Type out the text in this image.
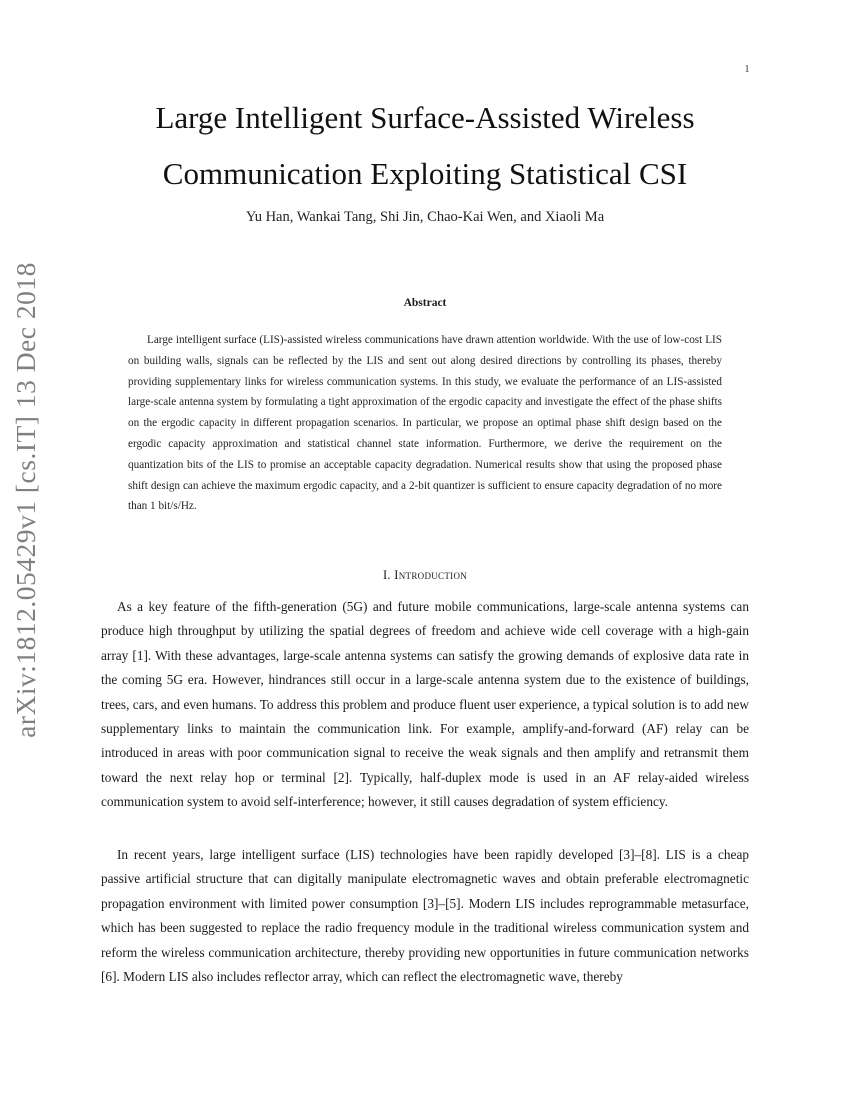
1
arXiv:1812.05429v1 [cs.IT] 13 Dec 2018
Large Intelligent Surface-Assisted Wireless Communication Exploiting Statistical CSI
Yu Han, Wankai Tang, Shi Jin, Chao-Kai Wen, and Xiaoli Ma
Abstract

Large intelligent surface (LIS)-assisted wireless communications have drawn attention worldwide. With the use of low-cost LIS on building walls, signals can be reflected by the LIS and sent out along desired directions by controlling its phases, thereby providing supplementary links for wireless communication systems. In this study, we evaluate the performance of an LIS-assisted large-scale antenna system by formulating a tight approximation of the ergodic capacity and investigate the effect of the phase shifts on the ergodic capacity in different propagation scenarios. In particular, we propose an optimal phase shift design based on the ergodic capacity approximation and statistical channel state information. Furthermore, we derive the requirement on the quantization bits of the LIS to promise an acceptable capacity degradation. Numerical results show that using the proposed phase shift design can achieve the maximum ergodic capacity, and a 2-bit quantizer is sufficient to ensure capacity degradation of no more than 1 bit/s/Hz.

I. Introduction

As a key feature of the fifth-generation (5G) and future mobile communications, large-scale antenna systems can produce high throughput by utilizing the spatial degrees of freedom and achieve wide cell coverage with a high-gain array [1]. With these advantages, large-scale antenna systems can satisfy the growing demands of explosive data rate in the coming 5G era. However, hindrances still occur in a large-scale antenna system due to the existence of buildings, trees, cars, and even humans. To address this problem and produce fluent user experience, a typical solution is to add new supplementary links to maintain the communication link. For example, amplify-and-forward (AF) relay can be introduced in areas with poor communication signal to receive the weak signals and then amplify and retransmit them toward the next relay hop or terminal [2]. Typically, half-duplex mode is used in an AF relay-aided wireless communication system to avoid self-interference; however, it still causes degradation of system efficiency.

In recent years, large intelligent surface (LIS) technologies have been rapidly developed [3]–[8]. LIS is a cheap passive artificial structure that can digitally manipulate electromagnetic waves and obtain preferable electromagnetic propagation environment with limited power consumption [3]–[5]. Modern LIS includes reprogrammable metasurface, which has been suggested to replace the radio frequency module in the traditional wireless communication system and reform the wireless communication architecture, thereby providing new opportunities in future communication networks [6]. Modern LIS also includes reflector array, which can reflect the electromagnetic wave, thereby
